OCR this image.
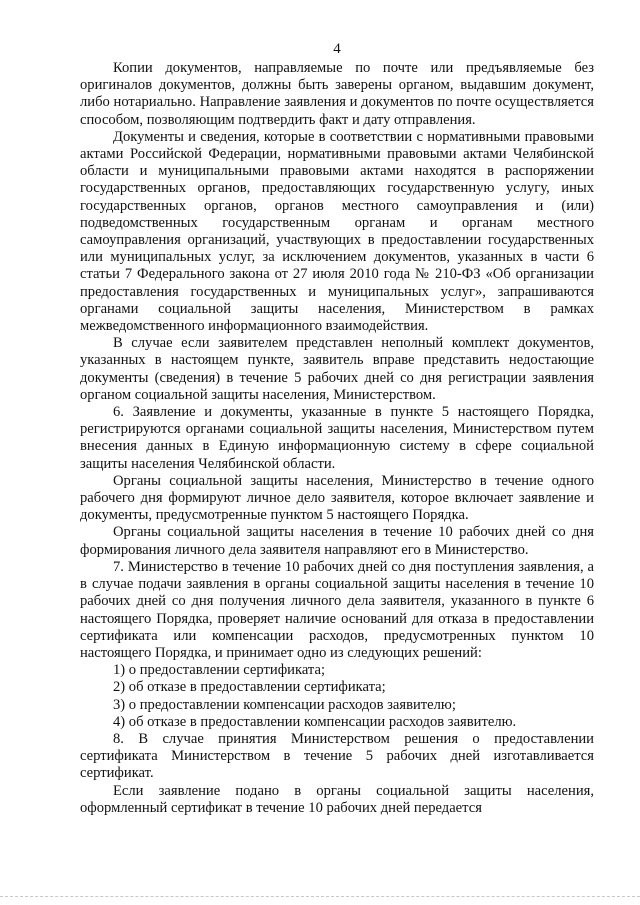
4

Копии документов, направляемые по почте или предъявляемые без оригиналов документов, должны быть заверены органом, выдавшим документ, либо нотариально. Направление заявления и документов по почте осуществляется способом, позволяющим подтвердить факт и дату отправления.

Документы и сведения, которые в соответствии с нормативными правовыми актами Российской Федерации, нормативными правовыми актами Челябинской области и муниципальными правовыми актами находятся в распоряжении государственных органов, предоставляющих государственную услугу, иных государственных органов, органов местного самоуправления и (или) подведомственных государственным органам и органам местного самоуправления организаций, участвующих в предоставлении государственных или муниципальных услуг, за исключением документов, указанных в части 6 статьи 7 Федерального закона от 27 июля 2010 года № 210-ФЗ «Об организации предоставления государственных и муниципальных услуг», запрашиваются органами социальной защиты населения, Министерством в рамках межведомственного информационного взаимодействия.

В случае если заявителем представлен неполный комплект документов, указанных в настоящем пункте, заявитель вправе представить недостающие документы (сведения) в течение 5 рабочих дней со дня регистрации заявления органом социальной защиты населения, Министерством.

6. Заявление и документы, указанные в пункте 5 настоящего Порядка, регистрируются органами социальной защиты населения, Министерством путем внесения данных в Единую информационную систему в сфере социальной защиты населения Челябинской области.

Органы социальной защиты населения, Министерство в течение одного рабочего дня формируют личное дело заявителя, которое включает заявление и документы, предусмотренные пунктом 5 настоящего Порядка.

Органы социальной защиты населения в течение 10 рабочих дней со дня формирования личного дела заявителя направляют его в Министерство.

7. Министерство в течение 10 рабочих дней со дня поступления заявления, а в случае подачи заявления в органы социальной защиты населения в течение 10 рабочих дней со дня получения личного дела заявителя, указанного в пункте 6 настоящего Порядка, проверяет наличие оснований для отказа в предоставлении сертификата или компенсации расходов, предусмотренных пунктом 10 настоящего Порядка, и принимает одно из следующих решений:

1) о предоставлении сертификата;

2) об отказе в предоставлении сертификата;

3) о предоставлении компенсации расходов заявителю;

4) об отказе в предоставлении компенсации расходов заявителю.

8. В случае принятия Министерством решения о предоставлении сертификата Министерством в течение 5 рабочих дней изготавливается сертификат.

Если заявление подано в органы социальной защиты населения, оформленный сертификат в течение 10 рабочих дней передается
